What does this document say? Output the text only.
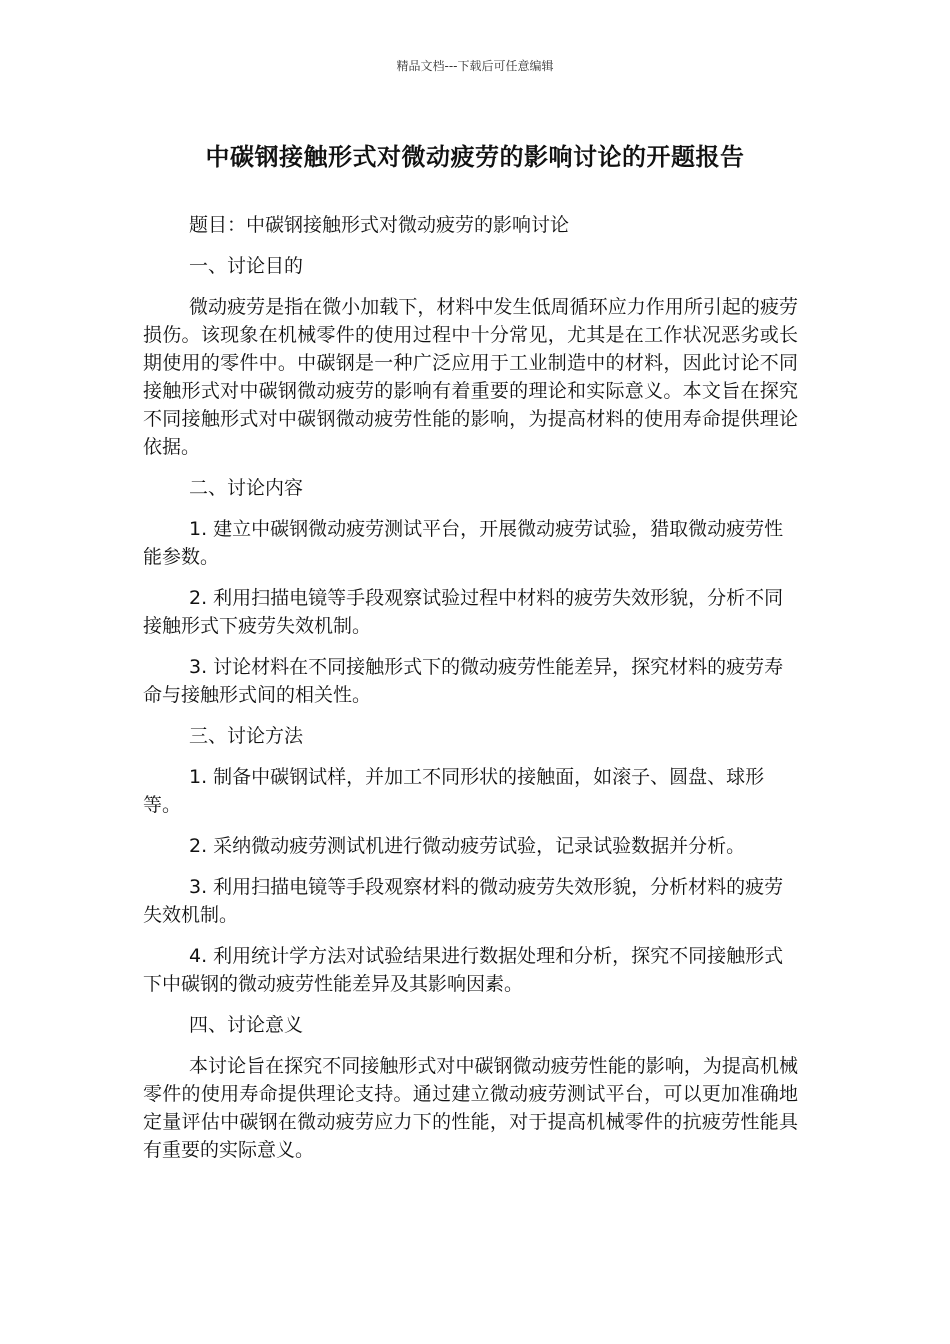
精品文档---下载后可任意编辑
中碳钢接触形式对微动疲劳的影响讨论的开题报告

题目：中碳钢接触形式对微动疲劳的影响讨论

一、讨论目的

微动疲劳是指在微小加载下，材料中发生低周循环应力作用所引起的疲劳损伤。该现象在机械零件的使用过程中十分常见，尤其是在工作状况恶劣或长期使用的零件中。中碳钢是一种广泛应用于工业制造中的材料，因此讨论不同接触形式对中碳钢微动疲劳的影响有着重要的理论和实际意义。本文旨在探究不同接触形式对中碳钢微动疲劳性能的影响，为提高材料的使用寿命提供理论依据。

二、讨论内容

1. 建立中碳钢微动疲劳测试平台，开展微动疲劳试验，猎取微动疲劳性能参数。

2. 利用扫描电镜等手段观察试验过程中材料的疲劳失效形貌，分析不同接触形式下疲劳失效机制。

3. 讨论材料在不同接触形式下的微动疲劳性能差异，探究材料的疲劳寿命与接触形式间的相关性。

三、讨论方法

1. 制备中碳钢试样，并加工不同形状的接触面，如滚子、圆盘、球形等。

2. 采纳微动疲劳测试机进行微动疲劳试验，记录试验数据并分析。

3. 利用扫描电镜等手段观察材料的微动疲劳失效形貌，分析材料的疲劳失效机制。

4. 利用统计学方法对试验结果进行数据处理和分析，探究不同接触形式下中碳钢的微动疲劳性能差异及其影响因素。

四、讨论意义

本讨论旨在探究不同接触形式对中碳钢微动疲劳性能的影响，为提高机械零件的使用寿命提供理论支持。通过建立微动疲劳测试平台，可以更加准确地定量评估中碳钢在微动疲劳应力下的性能，对于提高机械零件的抗疲劳性能具有重要的实际意义。
